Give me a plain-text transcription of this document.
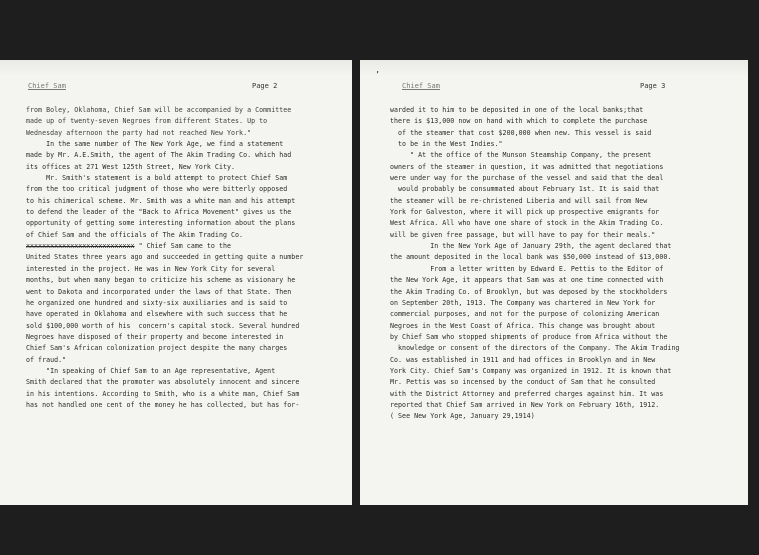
Chief Sam	Page 2
from Boley, Oklahoma, Chief Sam will be accompanied by a Committee
made up of twenty-seven Negroes from different States. Up to
Wednesday afternoon the party had not reached New York."
In the same number of The New York Age, we find a statement
made by Mr. A.E.Smith, the agent of The Akim Trading Co. which had
its offices at 271 West 125th Street, New York City.
Mr. Smith's statement is a bold attempt to protect Chief Sam
from the too critical judgment of those who were bitterly opposed
to his chimerical scheme. Mr. Smith was a white man and his attempt
to defend the leader of the "Back to Africa Movement" gives us the
opportunity of getting some interesting information about the plans
of Chief Sam and the officials of The Akim Trading Co.
xxxxxxxxxxxxxxxxxxxxxxxxxxx " Chief Sam came to the
United States three years ago and succeeded in getting quite a number
interested in the project. He was in New York City for several
months, but when many began to criticize his scheme as visionary he
went to Dakota and incorporated under the laws of that State. Then
he organized one hundred and sixty-six auxiliaries and is said to
have operated in Oklahoma and elsewhere with such success that he
sold $100,000 worth of his  concern's capital stock. Several hundred
Negroes have disposed of their property and become interested in
Chief Sam's African colonization project despite the many charges
of fraud."
"In speaking of Chief Sam to an Age representative, Agent
Smith declared that the promoter was absolutely innocent and sincere
in his intentions. According to Smith, who is a white man, Chief Sam
has not handled one cent of the money he has collected, but has for-
’
Chief Sam	Page 3
warded it to him to be deposited in one of the local banks;that
there is $13,000 now on hand with which to complete the purchase
of the steamer that cost $200,000 when new. This vessel is said
to be in the West Indies."
" At the office of the Munson Steamship Company, the present
owners of the steamer in question, it was admitted that negotiations
were under way for the purchase of the vessel and said that the deal
would probably be consummated about February 1st. It is said that
the steamer will be re-christened Liberia and will sail from New
York for Galveston, where it will pick up prospective emigrants for
West Africa. All who have one share of stock in the Akim Trading Co.
will be given free passage, but will have to pay for their meals."
In the New York Age of January 29th, the agent declared that
the amount deposited in the local bank was $50,000 instead of $13,000.
From a letter written by Edward E. Pettis to the Editor of
the New York Age, it appears that Sam was at one time connected with
the Akim Trading Co. of Brooklyn, but was deposed by the stockholders
on September 20th, 1913. The Company was chartered in New York for
commercial purposes, and not for the purpose of colonizing American
Negroes in the West Coast of Africa. This change was brought about
by Chief Sam who stopped shipments of produce from Africa without the
knowledge or consent of the directors of the Company. The Akim Trading
Co. was established in 1911 and had offices in Brooklyn and in New
York City. Chief Sam's Company was organized in 1912. It is known that
Mr. Pettis was so incensed by the conduct of Sam that he consulted
with the District Attorney and preferred charges against him. It was
reported that Chief Sam arrived in New York on February 16th, 1912.
( See New York Age, January 29,1914)
